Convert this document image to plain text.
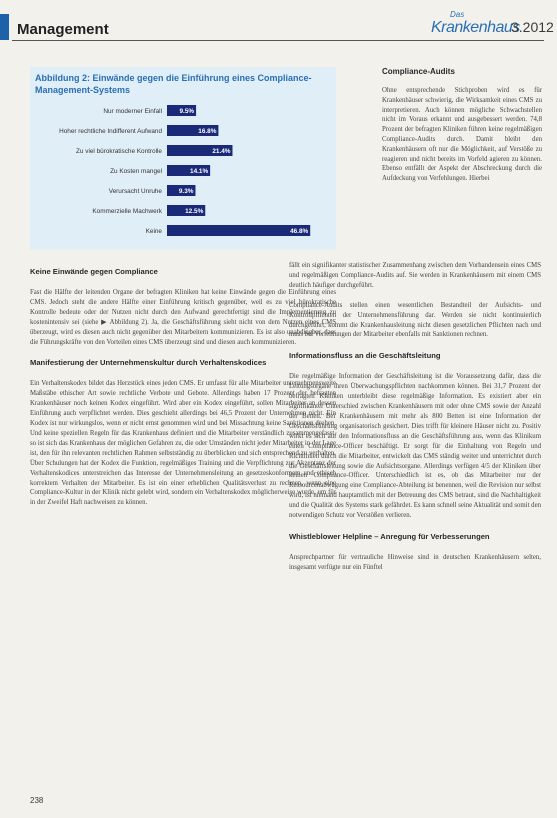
Management
Das
Krankenhaus
3.2012
Abbildung 2: Einwände gegen die Einführung eines Compliance-Management-Systems
Nur moderner Einfall	9.5%
Hoher rechtliche Indifferent Aufwand	16.8%
Zu viel bürokratische Kontrolle	21.4%
Zu Kosten mangel	14.1%
Verursacht Unruhe	9.3%
Kommerzielle Machwerk	12.5%
Keine	46.8%
Compliance-Audits

Ohne entsprechende Stichproben wird es für Krankenhäuser schwierig, die Wirksamkeit eines CMS zu interpretieren. Auch können mögliche Schwachstellen nicht im Voraus erkannt und ausgebessert werden. 74,8 Prozent der befragten Kliniken führen keine regelmäßigen Compliance-Audits durch. Damit bleibt den Krankenhäusern oft nur die Möglichkeit, auf Verstöße zu reagieren und nicht bereits im Vorfeld agieren zu können. Ebenso entfällt der Aspekt der Abschreckung durch die Aufdeckung von Verfehlungen. Hierbei

Keine Einwände gegen Compliance

Fast die Hälfte der leitenden Organe der befragten Kliniken hat keine Einwände gegen die Einführung eines CMS. Jedoch steht die andere Hälfte einer Einführung kritisch gegenüber, weil es zu viel bürokratische Kontrolle bedeute oder der Nutzen nicht durch den Aufwand gerechtfertigt sind die Implementierung zu kostenintensiv sei (siehe ▶ Abbildung 2). Ja, die Geschäftsführung sieht nicht von dem Nutzen eines CMS überzeugt, wird es diesen auch nicht gegenüber den Mitarbeitern kommunizieren. Es ist also unabdingbar, dass die Führungskräfte von den Vorteilen eines CMS überzeugt sind und diesen auch kommunizieren.

Manifestierung der Unternehmenskultur durch Verhaltenskodices

Ein Verhaltenskodex bildet das Herzstück eines jeden CMS. Er umfasst für alle Mitarbeiter unternehmensweite Maßstäbe ethischer Art sowie rechtliche Verbote und Gebote. Allerdings haben 17 Prozent der befragten Krankenhäuser noch keinen Kodex eingeführt. Wird aber ein Kodex eingeführt, sollen Mitarbeiter an dessen Einführung auch verpflichtet werden. Dies geschieht allerdings bei 46,5 Prozent der Unternehmen nicht. Ein Kodex ist nur wirkungslos, wenn er nicht ernst genommen wird und bei Missachtung keine Sanktionen drohen. Und keine speziellen Regeln für das Krankenhaus definiert und die Mitarbeiter verständlich zusammengefasst, so ist sich das Krankenhaus der möglichen Gefahren zu, die oder Umständen nicht jeder Mitarbeiter in der Lage ist, den für ihn relevanten rechtlichen Rahmen selbstständig zu überblicken und sich entsprechend zu verhalten. Über Schulungen hat der Kodex die Funktion, regelmäßiges Training und die Verpflichtung zur Akzeptanz der Verhaltenskodices unterstreichen das Interesse der Unternehmensleitung an gesetzeskonformem und ethisch korrektem Verhalten der Mitarbeiter. Es ist ein einer erheblichen Qualitätsverlust zu rechnen, wenn eine Compliance-Kultur in der Klinik nicht gelebt wird, sondern ein Verhaltenskodex möglicherweise wurde, um für in der Zweifel Haft nachweisen zu können.

fällt ein signifikanter statistischer Zusammenhang zwischen dem Vorhandensein eines CMS und regelmäßigen Compliance-Audits auf. Sie werden in Krankenhäusern mit einem CMS deutlich häufiger durchgeführt.

Compliance-Audits stellen einen wesentlichen Bestandteil der Aufsichts- und Kontrollpflichten der Unternehmensführung dar. Werden sie nicht kontinuierlich durchgeführt, kommt die Krankenhausleitung nicht diesen gesetzlichen Pflichten nach und muss bei Verfehlungen der Mitarbeiter ebenfalls mit Sanktionen rechnen.

Informationsfluss an die Geschäftsleitung

Die regelmäßige Information der Geschäftsleitung ist die Voraussetzung dafür, dass die Leitungsorgane ihren Überwachungspflichten nachkommen können. Bei 31,7 Prozent der befragten Kliniken unterbleibt diese regelmäßige Information. Es existiert aber ein signifikanter Unterschied zwischen Krankenhäusern mit oder ohne CMS sowie der Anzahl der Betten. Bei Krankenhäusern mit mehr als 800 Betten ist eine Information der Geschäftsführung organisatorisch gesichert. Dies trifft für kleinere Häuser nicht zu. Positiv wirkt es sich auf den Informationsfluss an die Geschäftsführung aus, wenn das Klinikum einen Compliance-Officer beschäftigt. Er sorgt für die Einhaltung von Regeln und Richtlinien durch die Mitarbeiter, entwickelt das CMS ständig weiter und unterrichtet durch die Geschäftsleitung sowie die Aufsichtsorgane. Allerdings verfügen 4/5 der Kliniken über keinen Compliance-Officer. Unterschiedlich ist es, ob das Mitarbeiter nur der Ressourcenabwägung eine Compliance-Abteilung ist benennen, weil die Revision nur selbst wird, ist niemand hauptamtlich mit der Betreuung des CMS betraut, sind die Nachhaltigkeit und die Qualität des Systems stark gefährdet. Es kann schnell seine Aktualität und somit den notwendigen Schutz vor Verstößen verlieren.

Whistleblower Helpline – Anregung für Verbesserungen

Ansprechpartner für vertrauliche Hinweise sind in deutschen Krankenhäusern selten, insgesamt verfügte nur ein Fünftel

238
